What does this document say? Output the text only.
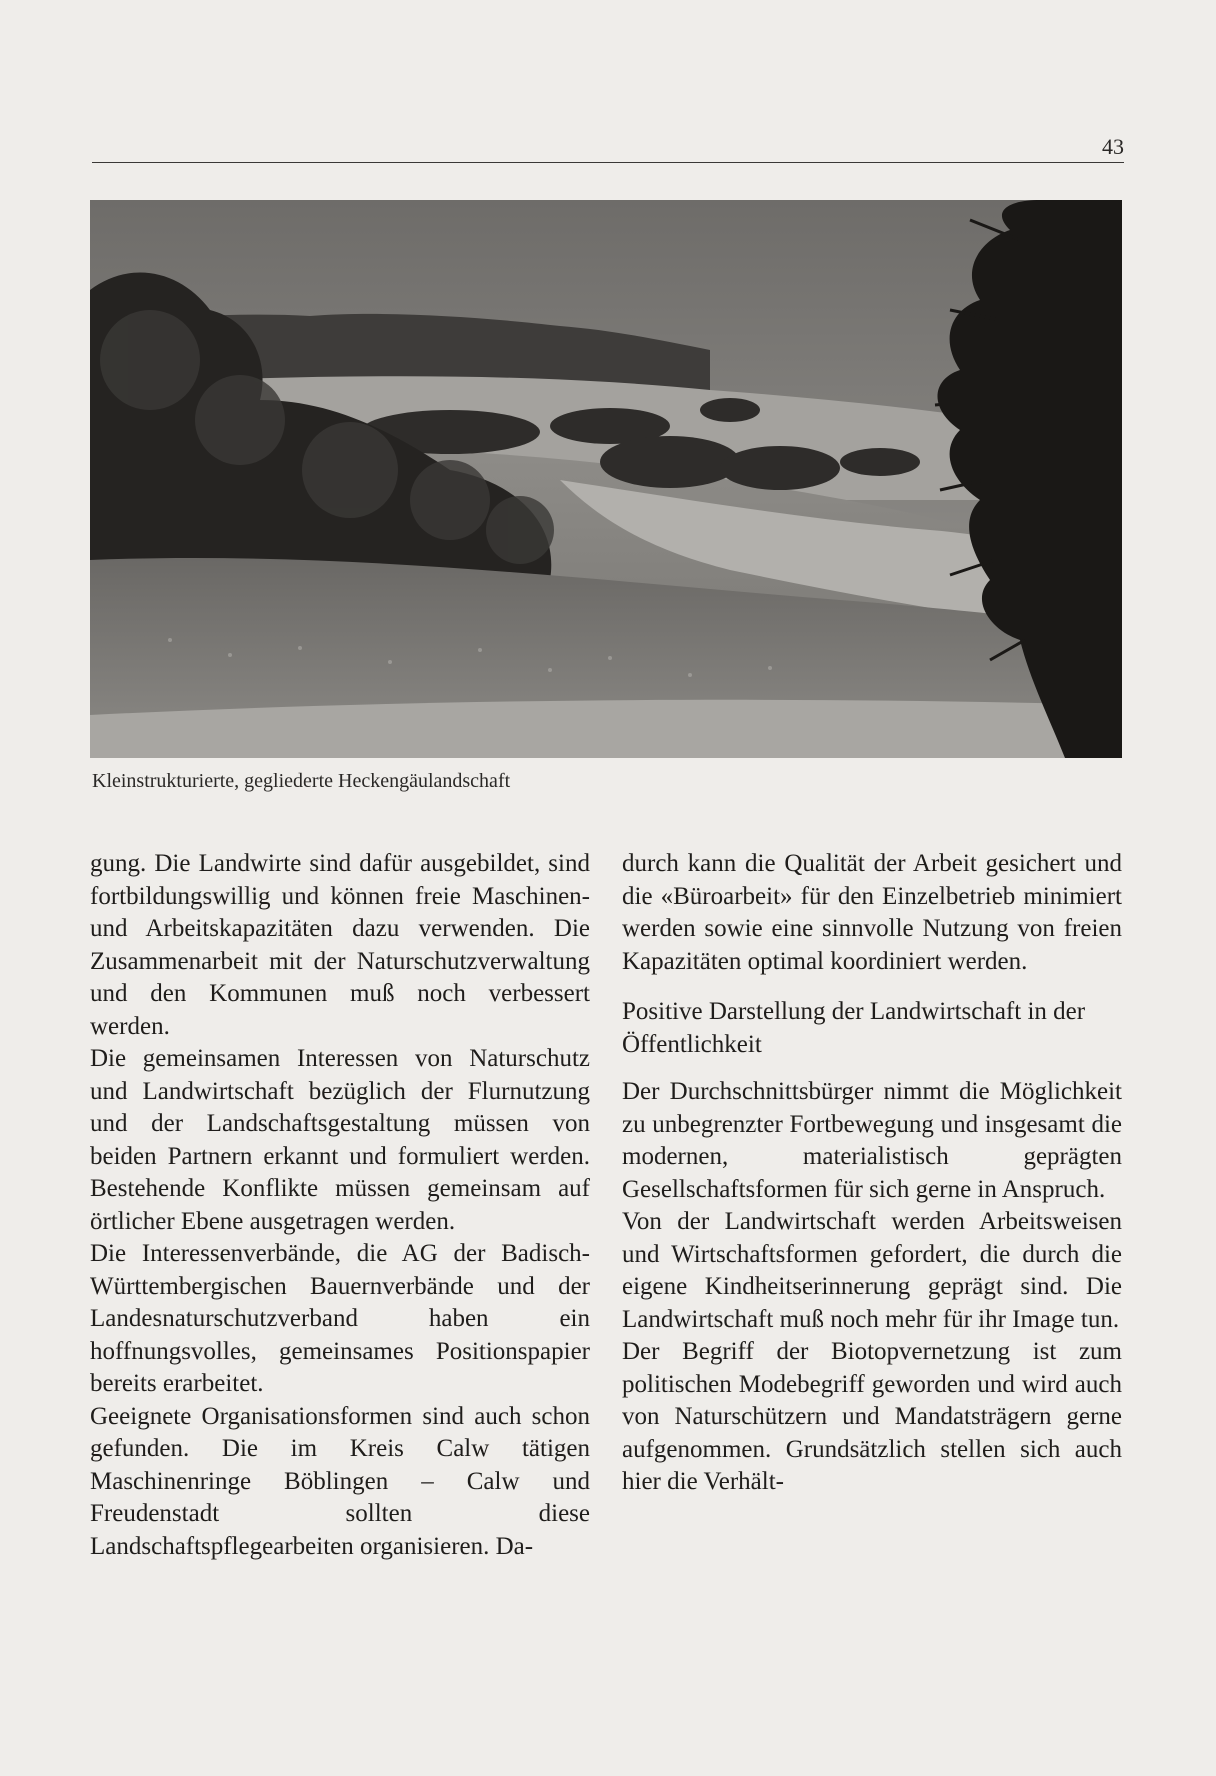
43
Kleinstrukturierte, gegliederte Heckengäulandschaft

gung. Die Landwirte sind dafür ausgebildet, sind fortbildungswillig und können freie Maschinen- und Arbeitskapazitäten dazu verwenden. Die Zusammenarbeit mit der Naturschutzverwaltung und den Kommunen muß noch verbessert werden.

Die gemeinsamen Interessen von Naturschutz und Landwirtschaft bezüglich der Flurnutzung und der Landschaftsgestaltung müssen von beiden Partnern erkannt und formuliert werden. Bestehende Konflikte müssen gemeinsam auf örtlicher Ebene ausgetragen werden.

Die Interessenverbände, die AG der Badisch-Württembergischen Bauernverbände und der Landesnaturschutzverband haben ein hoffnungsvolles, gemeinsames Positionspapier bereits erarbeitet.

Geeignete Organisationsformen sind auch schon gefunden. Die im Kreis Calw tätigen Maschinenringe Böblingen – Calw und Freudenstadt sollten diese Landschaftspflegearbeiten organisieren. Da-

durch kann die Qualität der Arbeit gesichert und die «Büroarbeit» für den Einzelbetrieb minimiert werden sowie eine sinnvolle Nutzung von freien Kapazitäten optimal koordiniert werden.

Positive Darstellung der Landwirtschaft in der Öffentlichkeit

Der Durchschnittsbürger nimmt die Möglichkeit zu unbegrenzter Fortbewegung und insgesamt die modernen, materialistisch geprägten Gesellschaftsformen für sich gerne in Anspruch.

Von der Landwirtschaft werden Arbeitsweisen und Wirtschaftsformen gefordert, die durch die eigene Kindheitserinnerung geprägt sind. Die Landwirtschaft muß noch mehr für ihr Image tun.

Der Begriff der Biotopvernetzung ist zum politischen Modebegriff geworden und wird auch von Naturschützern und Mandatsträgern gerne aufgenommen. Grundsätzlich stellen sich auch hier die Verhält-
